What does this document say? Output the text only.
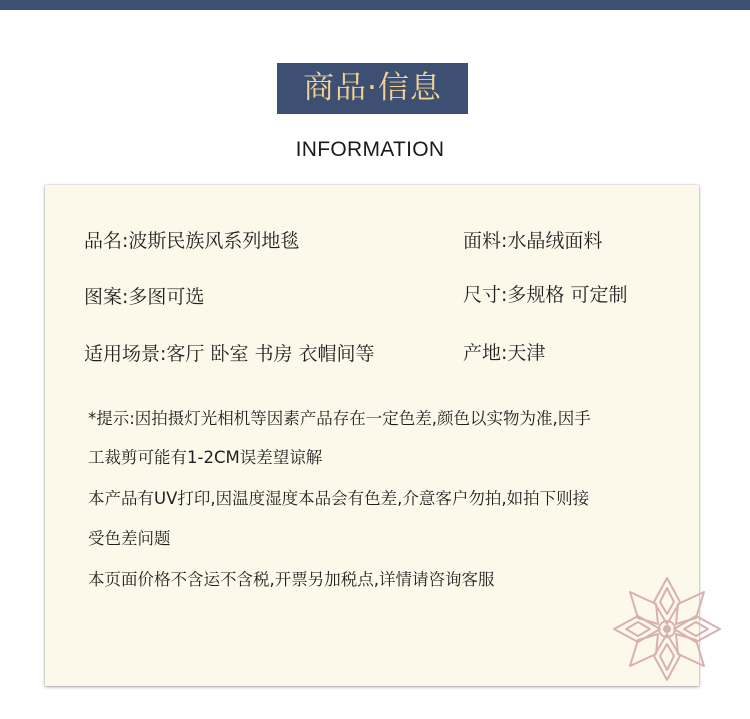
商品·信息
INFORMATION
品名:波斯民族风系列地毯	面料:水晶绒面料
图案:多图可选	尺寸:多规格 可定制
适用场景:客厅 卧室 书房 衣帽间等	产地:天津
*提示:因拍摄灯光相机等因素产品存在一定色差,颜色以实物为准,因手
工裁剪可能有1-2CM误差望谅解
本产品有UV打印,因温度湿度本品会有色差,介意客户勿拍,如拍下则接
受色差问题
本页面价格不含运不含税,开票另加税点,详情请咨询客服
